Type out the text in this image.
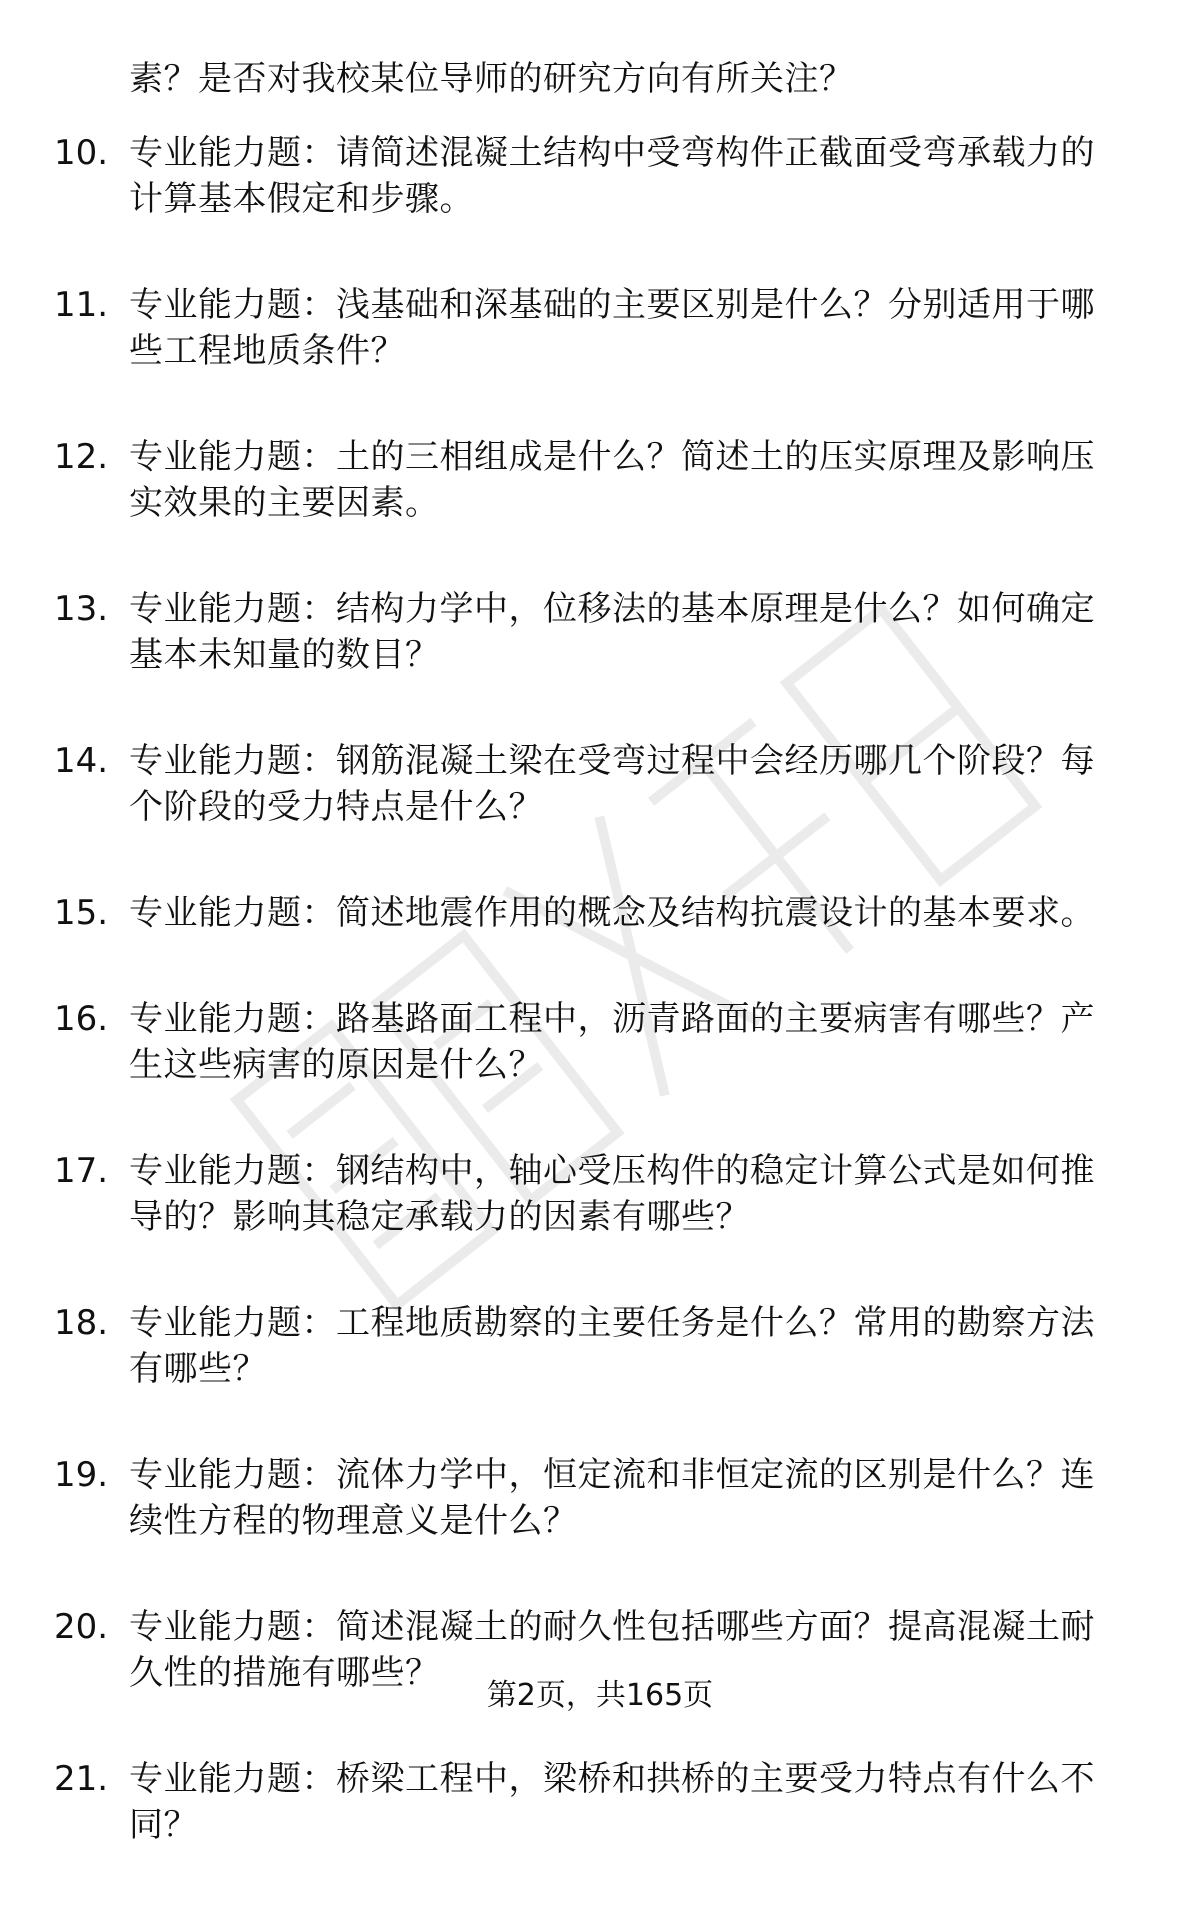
素？是否对我校某位导师的研究方向有所关注？
10. 专业能力题：请简述混凝土结构中受弯构件正截面受弯承载力的计算基本假定和步骤。
11. 专业能力题：浅基础和深基础的主要区别是什么？分别适用于哪些工程地质条件？
12. 专业能力题：土的三相组成是什么？简述土的压实原理及影响压实效果的主要因素。
13. 专业能力题：结构力学中，位移法的基本原理是什么？如何确定基本未知量的数目？
14. 专业能力题：钢筋混凝土梁在受弯过程中会经历哪几个阶段？每个阶段的受力特点是什么？
15. 专业能力题：简述地震作用的概念及结构抗震设计的基本要求。
16. 专业能力题：路基路面工程中，沥青路面的主要病害有哪些？产生这些病害的原因是什么？
17. 专业能力题：钢结构中，轴心受压构件的稳定计算公式是如何推导的？影响其稳定承载力的因素有哪些？
18. 专业能力题：工程地质勘察的主要任务是什么？常用的勘察方法有哪些？
19. 专业能力题：流体力学中，恒定流和非恒定流的区别是什么？连续性方程的物理意义是什么？
20. 专业能力题：简述混凝土的耐久性包括哪些方面？提高混凝土耐久性的措施有哪些？
21. 专业能力题：桥梁工程中，梁桥和拱桥的主要受力特点有什么不同？
第2页，共165页
